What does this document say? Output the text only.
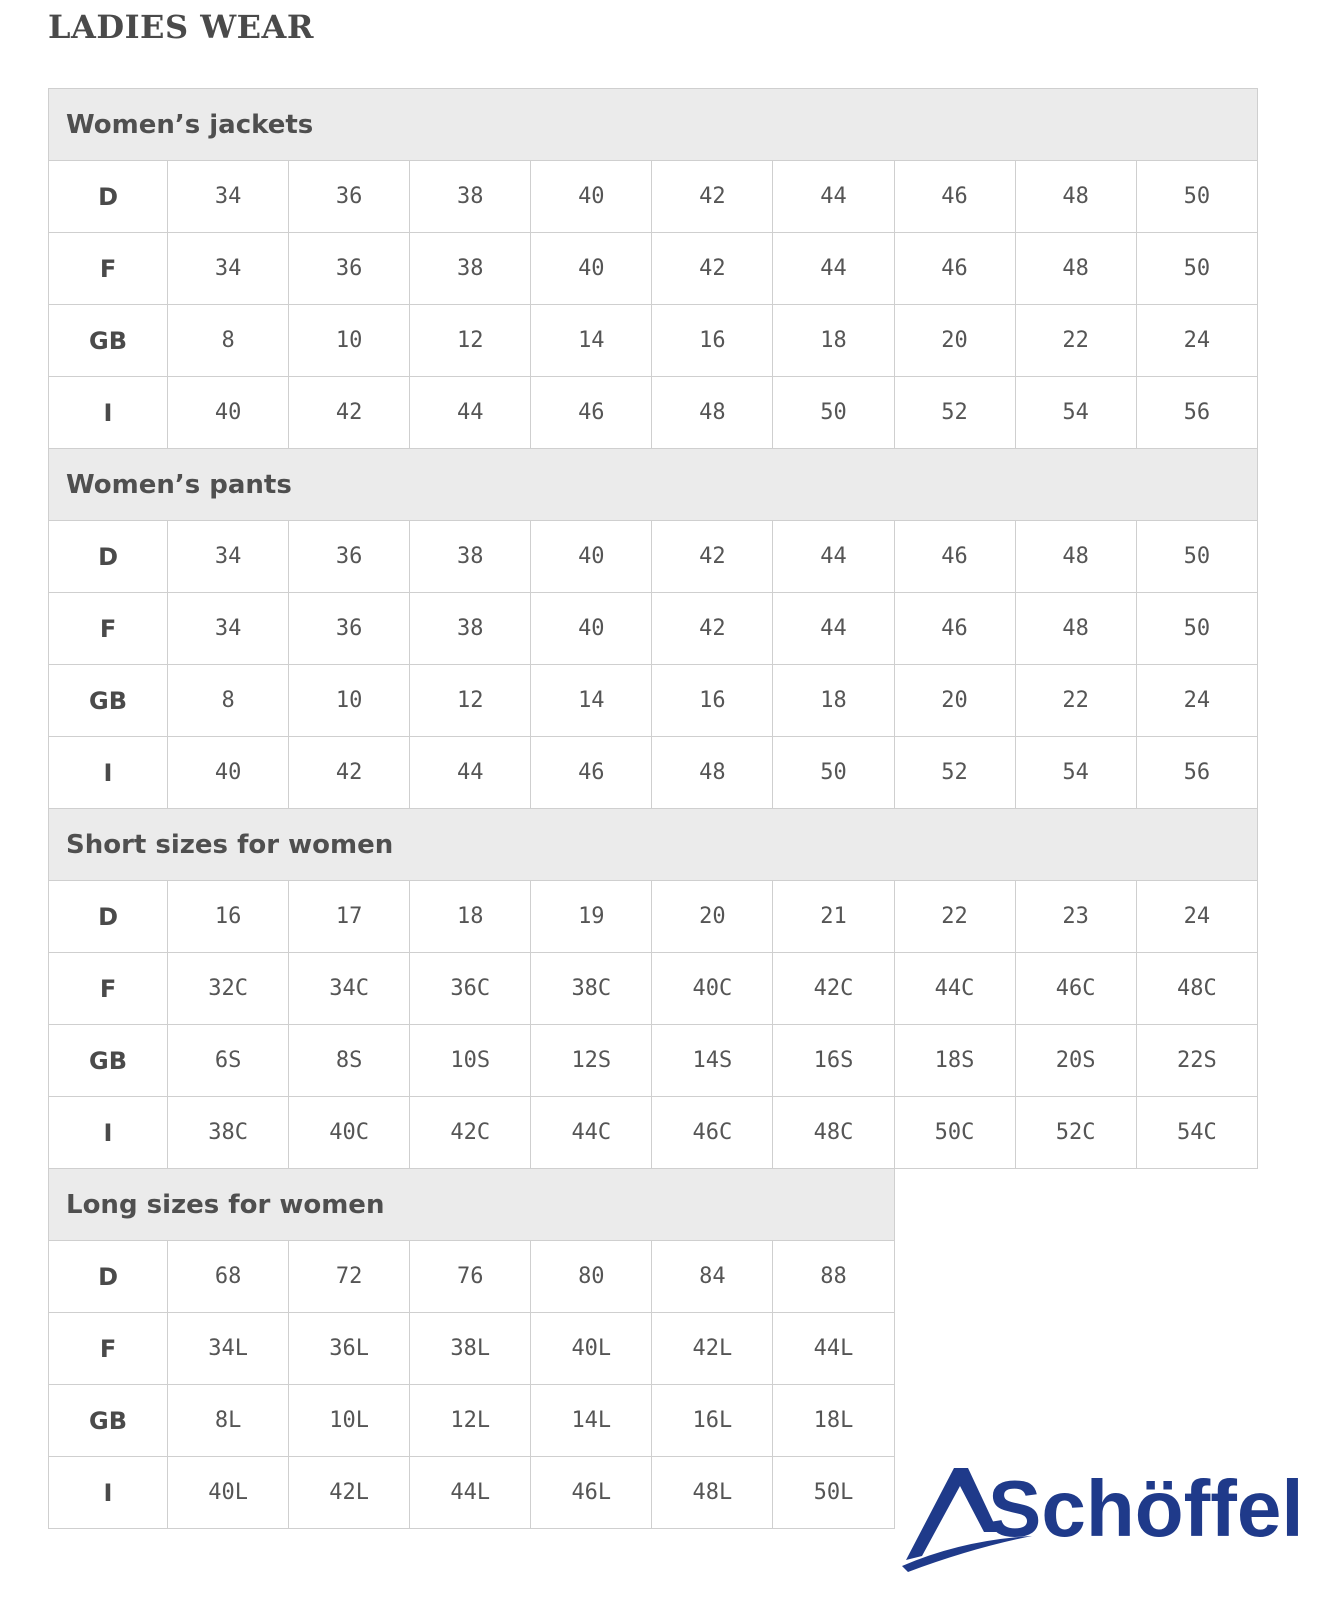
LADIES WEAR
Women’s jackets									
D	34	36	38	40	42	44	46	48	50
F	34	36	38	40	42	44	46	48	50
GB	8	10	12	14	16	18	20	22	24
I	40	42	44	46	48	50	52	54	56
Women’s pants									
D	34	36	38	40	42	44	46	48	50
F	34	36	38	40	42	44	46	48	50
GB	8	10	12	14	16	18	20	22	24
I	40	42	44	46	48	50	52	54	56
Short sizes for women									
D	16	17	18	19	20	21	22	23	24
F	32C	34C	36C	38C	40C	42C	44C	46C	48C
GB	6S	8S	10S	12S	14S	16S	18S	20S	22S
I	38C	40C	42C	44C	46C	48C	50C	52C	54C
Long sizes for women									
D	68	72	76	80	84	88			
F	34L	36L	38L	40L	42L	44L			
GB	8L	10L	12L	14L	16L	18L			
I	40L	42L	44L	46L	48L	50L			Schöffel
